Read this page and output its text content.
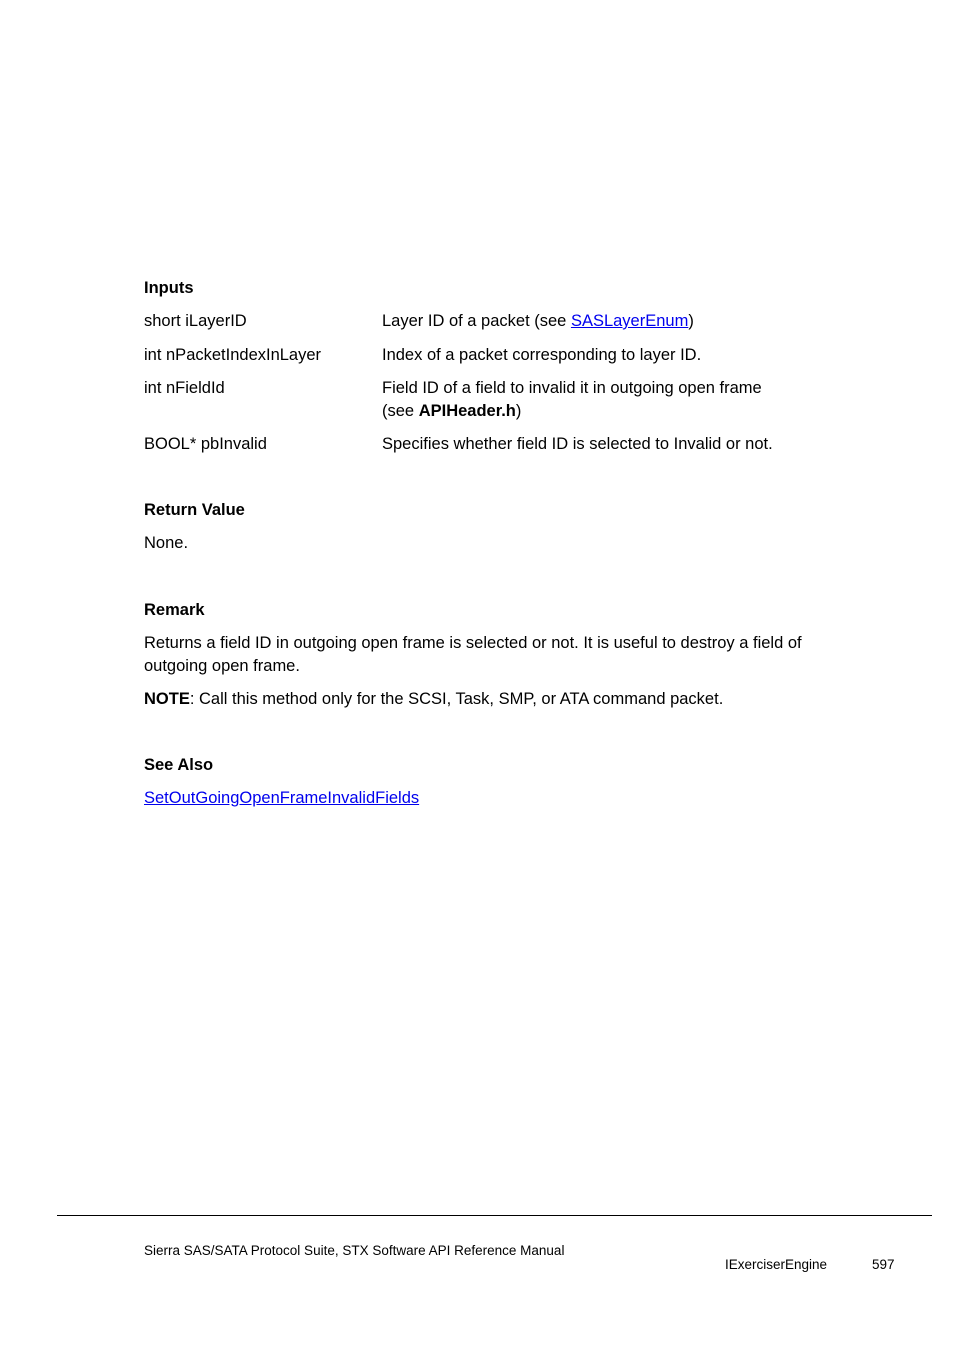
Inputs
short iLayerID	Layer ID of a packet (see SASLayerEnum)
int nPacketIndexInLayer	Index of a packet corresponding to layer ID.
int nFieldId	Field ID of a field to invalid it in outgoing open frame
(see APIHeader.h)
BOOL* pbInvalid	Specifies whether field ID is selected to Invalid or not.
Return Value
None.
Remark
Returns a field ID in outgoing open frame is selected or not. It is useful to destroy a field of
outgoing open frame.
NOTE: Call this method only for the SCSI, Task, SMP, or ATA command packet.
See Also
SetOutGoingOpenFrameInvalidFields
Sierra SAS/SATA Protocol Suite, STX Software API Reference Manual
IExerciserEngine	597
